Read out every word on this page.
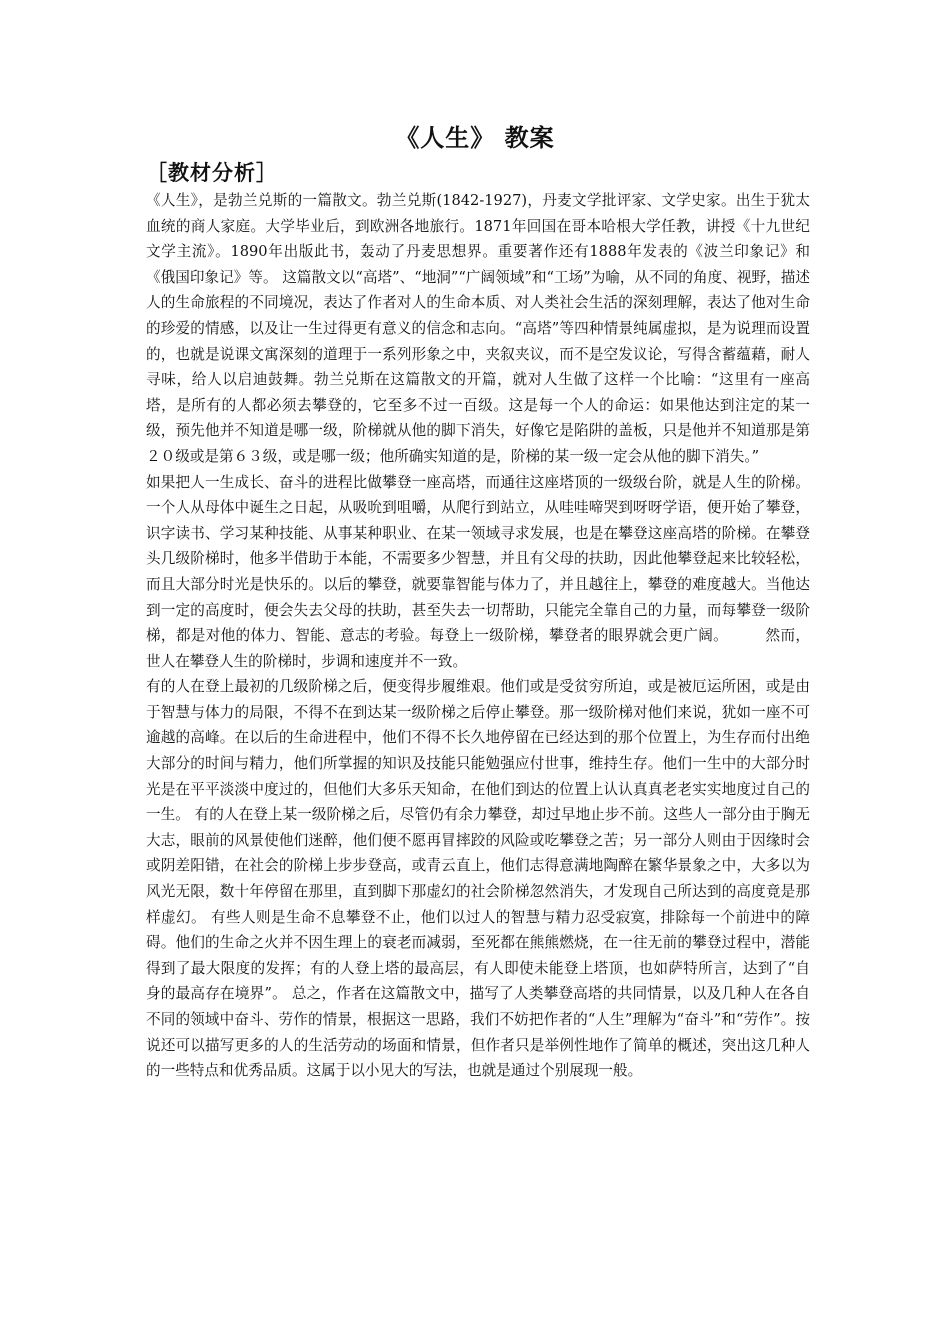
《人生》 教案
［教材分析］

《人生》，是勃兰兑斯的一篇散文。勃兰兑斯(1842-1927)，丹麦文学批评家、文学史家。出生于犹太血统的商人家庭。大学毕业后，到欧洲各地旅行。1871年回国在哥本哈根大学任教，讲授《十九世纪文学主流》。1890年出版此书，轰动了丹麦思想界。重要著作还有1888年发表的《波兰印象记》和《俄国印象记》等。 这篇散文以“高塔”、“地洞”“广阔领域”和“工场”为喻，从不同的角度、视野，描述人的生命旅程的不同境况，表达了作者对人的生命本质、对人类社会生活的深刻理解，表达了他对生命的珍爱的情感，以及让一生过得更有意义的信念和志向。“高塔”等四种情景纯属虚拟，是为说理而设置的，也就是说课文寓深刻的道理于一系列形象之中，夹叙夹议，而不是空发议论，写得含蓄蕴藉，耐人寻味，给人以启迪鼓舞。勃兰兑斯在这篇散文的开篇，就对人生做了这样一个比喻：“这里有一座高塔，是所有的人都必须去攀登的，它至多不过一百级。这是每一个人的命运：如果他达到注定的某一级，预先他并不知道是哪一级，阶梯就从他的脚下消失，好像它是陷阱的盖板，只是他并不知道那是第２０级或是第６３级，或是哪一级；他所确实知道的是，阶梯的某一级一定会从他的脚下消失。”

如果把人一生成长、奋斗的进程比做攀登一座高塔，而通往这座塔顶的一级级台阶，就是人生的阶梯。一个人从母体中诞生之日起，从吸吮到咀嚼，从爬行到站立，从哇哇啼哭到呀呀学语，便开始了攀登，识字读书、学习某种技能、从事某种职业、在某一领域寻求发展，也是在攀登这座高塔的阶梯。在攀登头几级阶梯时，他多半借助于本能，不需要多少智慧，并且有父母的扶助，因此他攀登起来比较轻松，而且大部分时光是快乐的。以后的攀登，就要靠智能与体力了，并且越往上，攀登的难度越大。当他达到一定的高度时，便会失去父母的扶助，甚至失去一切帮助，只能完全靠自己的力量，而每攀登一级阶梯，都是对他的体力、智能、意志的考验。每登上一级阶梯，攀登者的眼界就会更广阔。　　　然而，世人在攀登人生的阶梯时，步调和速度并不一致。

有的人在登上最初的几级阶梯之后，便变得步履维艰。他们或是受贫穷所迫，或是被厄运所困，或是由于智慧与体力的局限，不得不在到达某一级阶梯之后停止攀登。那一级阶梯对他们来说，犹如一座不可逾越的高峰。在以后的生命进程中，他们不得不长久地停留在已经达到的那个位置上，为生存而付出绝大部分的时间与精力，他们所掌握的知识及技能只能勉强应付世事，维持生存。他们一生中的大部分时光是在平平淡淡中度过的，但他们大多乐天知命，在他们到达的位置上认认真真老老实实地度过自己的一生。 有的人在登上某一级阶梯之后，尽管仍有余力攀登，却过早地止步不前。这些人一部分由于胸无大志，眼前的风景使他们迷醉，他们便不愿再冒摔跤的风险或吃攀登之苦；另一部分人则由于因缘时会或阴差阳错，在社会的阶梯上步步登高，或青云直上，他们志得意满地陶醉在繁华景象之中，大多以为风光无限，数十年停留在那里，直到脚下那虚幻的社会阶梯忽然消失，才发现自己所达到的高度竟是那样虚幻。 有些人则是生命不息攀登不止，他们以过人的智慧与精力忍受寂寞，排除每一个前进中的障碍。他们的生命之火并不因生理上的衰老而减弱，至死都在熊熊燃烧，在一往无前的攀登过程中，潜能得到了最大限度的发挥；有的人登上塔的最高层，有人即使未能登上塔顶，也如萨特所言，达到了“自身的最高存在境界”。 总之，作者在这篇散文中，描写了人类攀登高塔的共同情景，以及几种人在各自不同的领域中奋斗、劳作的情景，根据这一思路，我们不妨把作者的“人生”理解为“奋斗”和“劳作”。按说还可以描写更多的人的生活劳动的场面和情景，但作者只是举例性地作了简单的概述，突出这几种人的一些特点和优秀品质。这属于以小见大的写法，也就是通过个别展现一般。
